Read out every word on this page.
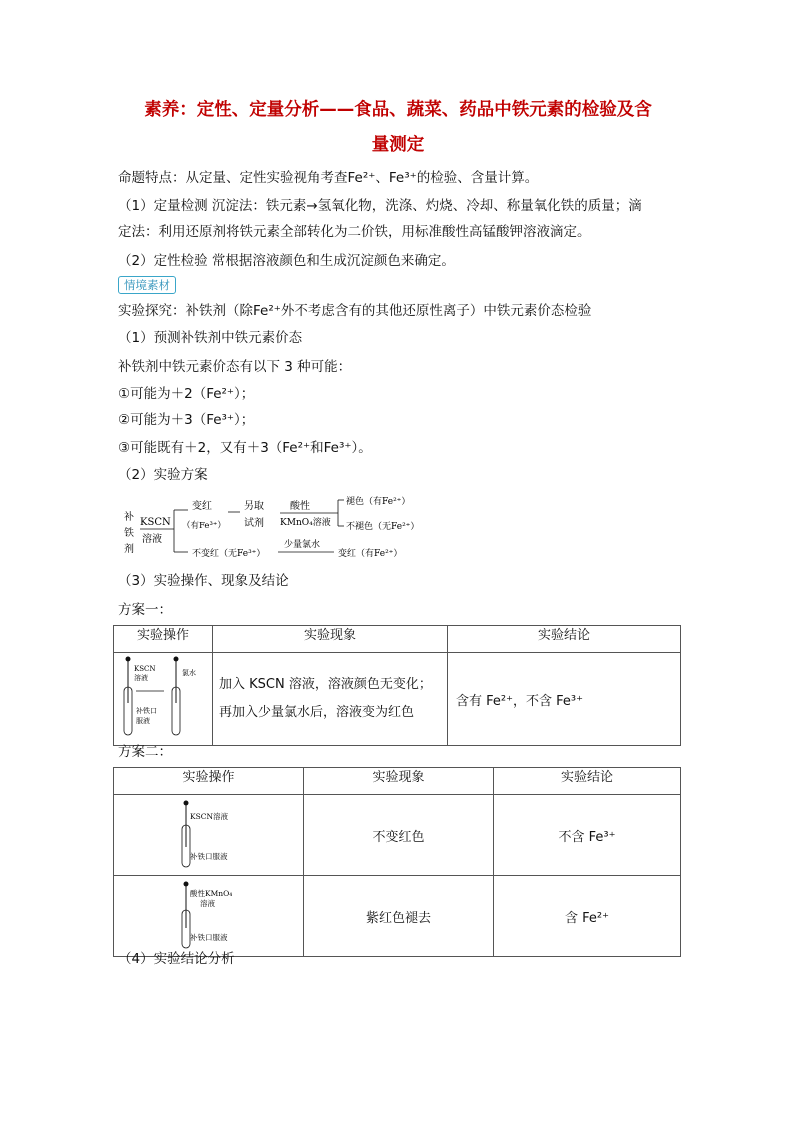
素养：定性、定量分析——食品、蔬菜、药品中铁元素的检验及含
量测定
命题特点：从定量、定性实验视角考查Fe²⁺、Fe³⁺的检验、含量计算。
（1）定量检测 沉淀法：铁元素→氢氧化物，洗涤、灼烧、冷却、称量氧化铁的质量；滴
定法：利用还原剂将铁元素全部转化为二价铁，用标准酸性高锰酸钾溶液滴定。
（2）定性检验 常根据溶液颜色和生成沉淀颜色来确定。
情境素材
实验探究：补铁剂（除Fe²⁺外不考虑含有的其他还原性离子）中铁元素价态检验
（1）预测补铁剂中铁元素价态
补铁剂中铁元素价态有以下 3 种可能：
①可能为＋2（Fe²⁺）；
②可能为＋3（Fe³⁺）；
③可能既有＋2，又有＋3（Fe²⁺和Fe³⁺）。
（2）实验方案
补
铁
剂
KSCN
溶液
变红
（有Fe³⁺）
另取
试剂
酸性
KMnO₄溶液
褪色（有Fe²⁺）
不褪色（无Fe²⁺）
不变红（无Fe³⁺）
少量氯水
变红（有Fe²⁺）
（3）实验操作、现象及结论
方案一：
实验操作	实验现象	实验结论

KSCN
溶液
氯水
补铁口
服液	加入 KSCN 溶液，溶液颜色无变化；再加入少量氯水后，溶液变为红色	含有 Fe²⁺，不含 Fe³⁺
方案二：
实验操作	实验现象	实验结论

KSCN溶液
补铁口服液	不变红色	不含 Fe³⁺

酸性KMnO₄
溶液
补铁口服液	紫红色褪去	含 Fe²⁺
（4）实验结论分析
